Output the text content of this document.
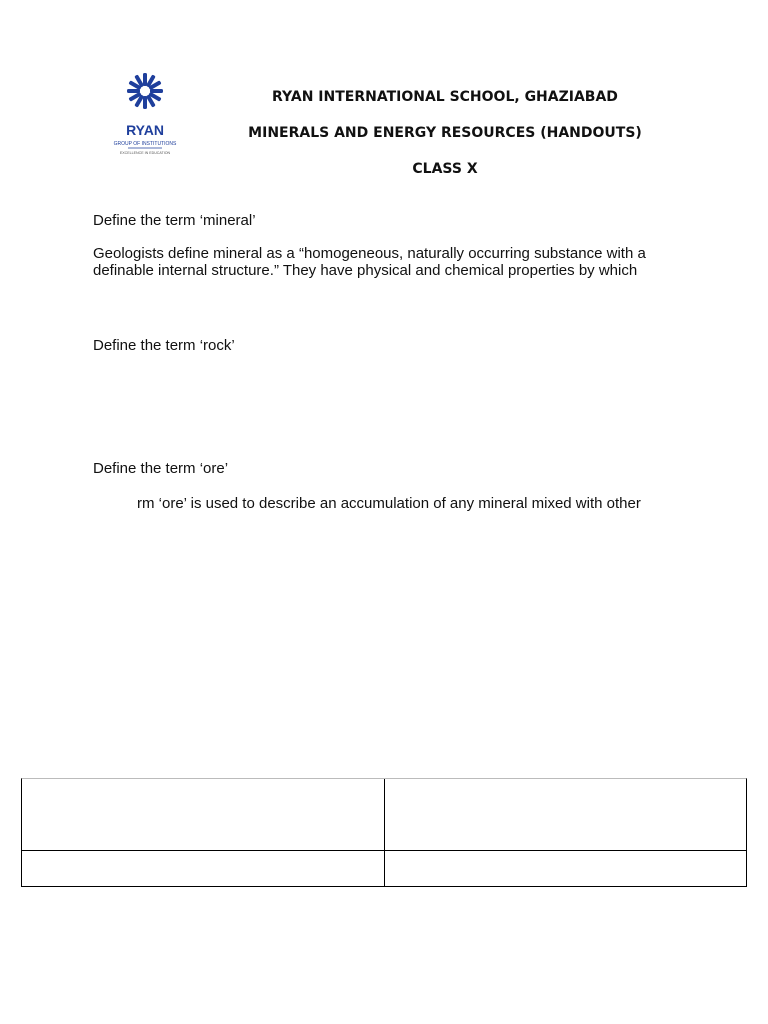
RYAN
GROUP OF INSTITUTIONS
EXCELLENCE IN EDUCATION
RYAN INTERNATIONAL SCHOOL, GHAZIABAD
MINERALS AND ENERGY RESOURCES (HANDOUTS)
CLASS X
Define the term ‘mineral’
Geologists define mineral as a “homogeneous, naturally occurring substance with a
definable internal structure.” They have physical and chemical properties by which
Define the term ‘rock’
Define the term ‘ore’
rm ‘ore’ is used to describe an accumulation of any mineral mixed with other
